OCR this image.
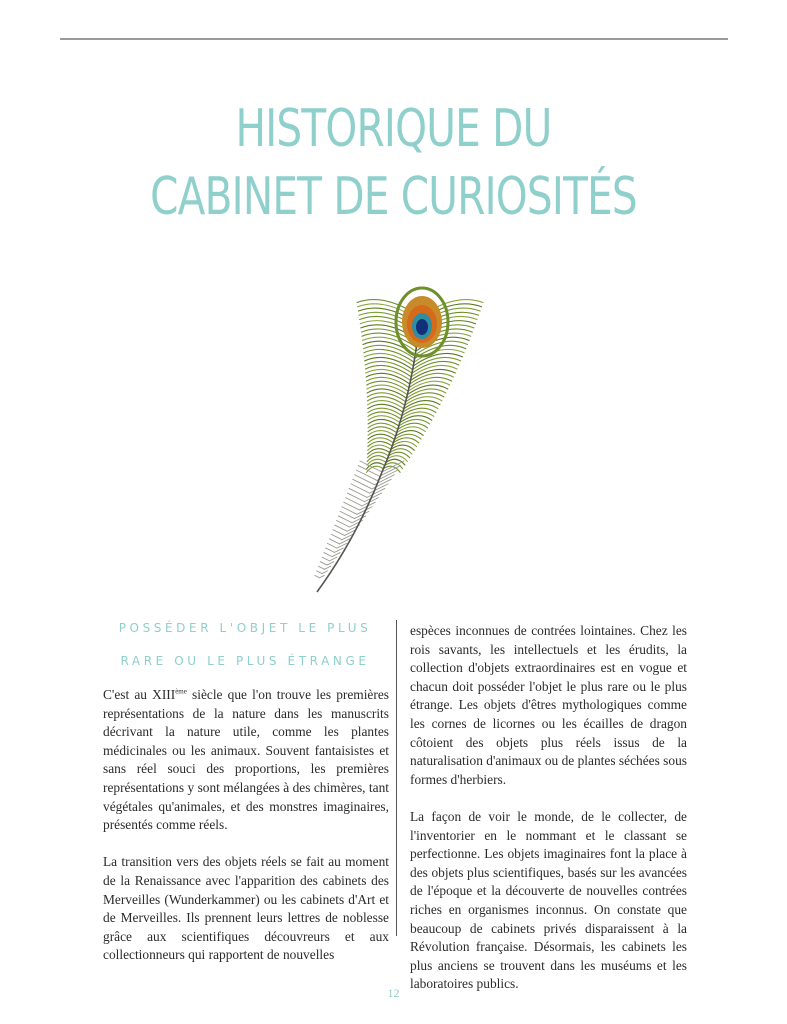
HISTORIQUE DU
CABINET DE CURIOSITÉS
POSSÉDER L'OBJET LE PLUS
RARE OU LE PLUS ÉTRANGE

C'est au XIIIème siècle que l'on trouve les premières représentations de la nature dans les manuscrits décrivant la nature utile, comme les plantes médicinales ou les animaux. Souvent fantaisistes et sans réel souci des proportions, les premières représentations y sont mélangées à des chimères, tant végétales qu'animales, et des monstres imaginaires, présentés comme réels.

La transition vers des objets réels se fait au moment de la Renaissance avec l'apparition des cabinets des Merveilles (Wunderkammer) ou les cabinets d'Art et de Merveilles. Ils prennent leurs lettres de noblesse grâce aux scientifiques découvreurs et aux collectionneurs qui rapportent de nouvelles

espèces inconnues de contrées lointaines. Chez les rois savants, les intellectuels et les érudits, la collection d'objets extraordinaires est en vogue et chacun doit posséder l'objet le plus rare ou le plus étrange. Les objets d'êtres mythologiques comme les cornes de licornes ou les écailles de dragon côtoient des objets plus réels issus de la naturalisation d'animaux ou de plantes séchées sous formes d'herbiers.

La façon de voir le monde, de le collecter, de l'inventorier en le nommant et le classant se perfectionne. Les objets imaginaires font la place à des objets plus scientifiques, basés sur les avancées de l'époque et la découverte de nouvelles contrées riches en organismes inconnus. On constate que beaucoup de cabinets privés disparaissent à la Révolution française. Désormais, les cabinets les plus anciens se trouvent dans les muséums et les laboratoires publics.

12
